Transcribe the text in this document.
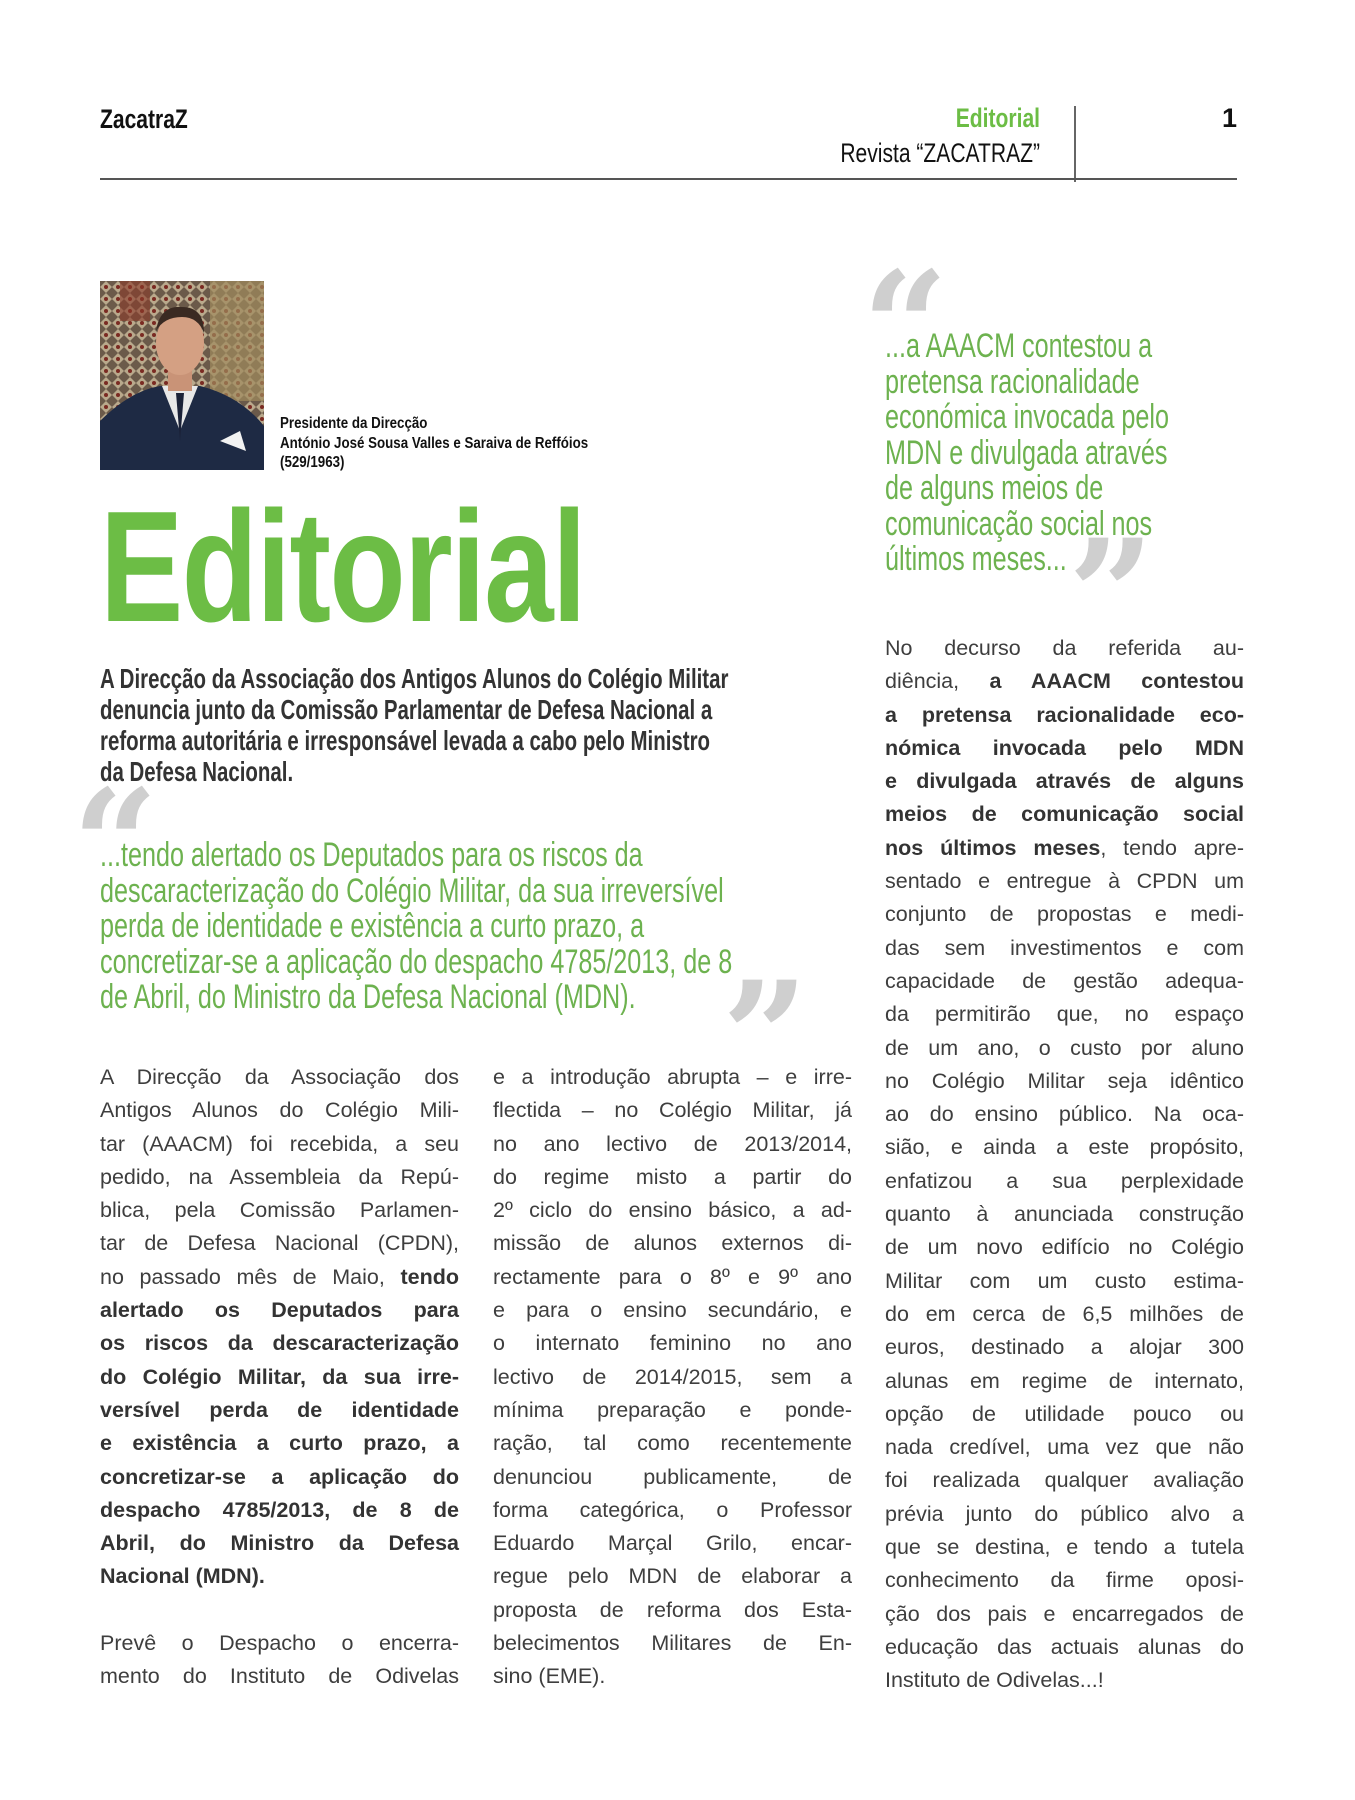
ZacatraZ	Editorial
Revista “ZACATRAZ”
1
Presidente da Direcção
António José Sousa Valles e Saraiva de Reffóios
(529/1963)
Editorial
A Direcção da Associação dos Antigos Alunos do Colégio Militar
denuncia junto da Comissão Parlamentar de Defesa Nacional a
reforma autoritária e irresponsável levada a cabo pelo Ministro
da Defesa Nacional.
“
...tendo alertado os Deputados para os riscos da
descaracterização do Colégio Militar, da sua irreversível
perda de identidade e existência a curto prazo, a
concretizar-se a aplicação do despacho 4785/2013, de 8
de Abril, do Ministro da Defesa Nacional (MDN). ”
“
...a AAACM contestou a
pretensa racionalidade
económica invocada pelo
MDN e divulgada através
de alguns meios de
comunicação social nos
últimos meses... ”
A Direcção da Associação dos
Antigos Alunos do Colégio Mili-
tar (AAACM) foi recebida, a seu
pedido, na Assembleia da Repú-
blica, pela Comissão Parlamen-
tar de Defesa Nacional (CPDN),
no passado mês de Maio, tendo
alertado os Deputados para
os riscos da descaracterização
do Colégio Militar, da sua irre-
versível perda de identidade
e existência a curto prazo, a
concretizar-se a aplicação do
despacho 4785/2013, de 8 de
Abril, do Ministro da Defesa
Nacional (MDN).
Prevê o Despacho o encerra-
mento do Instituto de Odivelas
e a introdução abrupta – e irre-
flectida – no Colégio Militar, já
no ano lectivo de 2013/2014,
do regime misto a partir do
2º ciclo do ensino básico, a ad-
missão de alunos externos di-
rectamente para o 8º e 9º ano
e para o ensino secundário, e
o internato feminino no ano
lectivo de 2014/2015, sem a
mínima preparação e ponde-
ração, tal como recentemente
denunciou publicamente, de
forma categórica, o Professor
Eduardo Marçal Grilo, encar-
regue pelo MDN de elaborar a
proposta de reforma dos Esta-
belecimentos Militares de En-
sino (EME).
No decurso da referida au-
diência, a AAACM contestou
a pretensa racionalidade eco-
nómica invocada pelo MDN
e divulgada através de alguns
meios de comunicação social
nos últimos meses, tendo apre-
sentado e entregue à CPDN um
conjunto de propostas e medi-
das sem investimentos e com
capacidade de gestão adequa-
da permitirão que, no espaço
de um ano, o custo por aluno
no Colégio Militar seja idêntico
ao do ensino público. Na oca-
sião, e ainda a este propósito,
enfatizou a sua perplexidade
quanto à anunciada construção
de um novo edifício no Colégio
Militar com um custo estima-
do em cerca de 6,5 milhões de
euros, destinado a alojar 300
alunas em regime de internato,
opção de utilidade pouco ou
nada credível, uma vez que não
foi realizada qualquer avaliação
prévia junto do público alvo a
que se destina, e tendo a tutela
conhecimento da firme oposi-
ção dos pais e encarregados de
educação das actuais alunas do
Instituto de Odivelas...!
